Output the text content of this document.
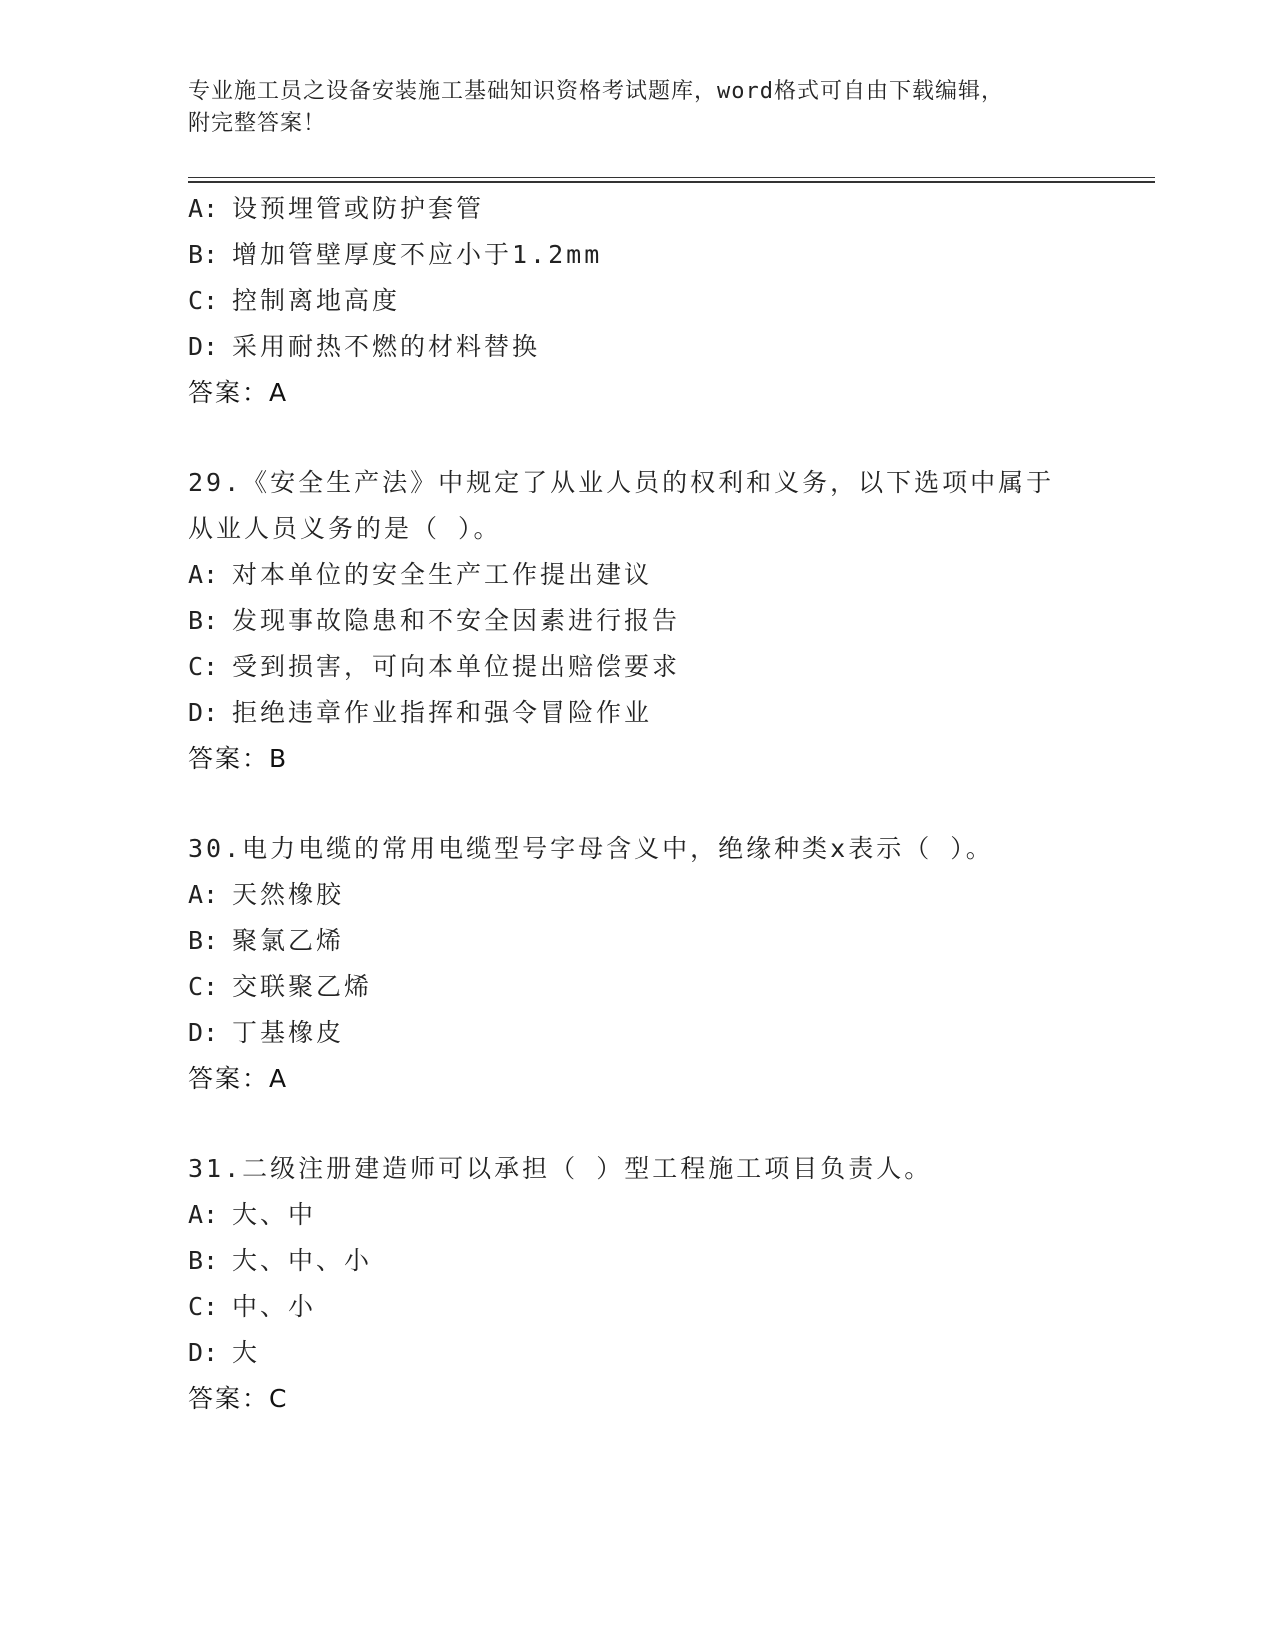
专业施工员之设备安装施工基础知识资格考试题库，word格式可自由下载编辑，
附完整答案！
A: 设预埋管或防护套管
B: 增加管壁厚度不应小于1.2mm
C: 控制离地高度
D: 采用耐热不燃的材料替换
答案：A
29.《安全生产法》中规定了从业人员的权利和义务，以下选项中属于
从业人员义务的是（ ）。
A: 对本单位的安全生产工作提出建议
B: 发现事故隐患和不安全因素进行报告
C: 受到损害，可向本单位提出赔偿要求
D: 拒绝违章作业指挥和强令冒险作业
答案：B
30.电力电缆的常用电缆型号字母含义中，绝缘种类x表示（ ）。
A: 天然橡胶
B: 聚氯乙烯
C: 交联聚乙烯
D: 丁基橡皮
答案：A
31.二级注册建造师可以承担（ ）型工程施工项目负责人。
A: 大、中
B: 大、中、小
C: 中、小
D: 大
答案：C
